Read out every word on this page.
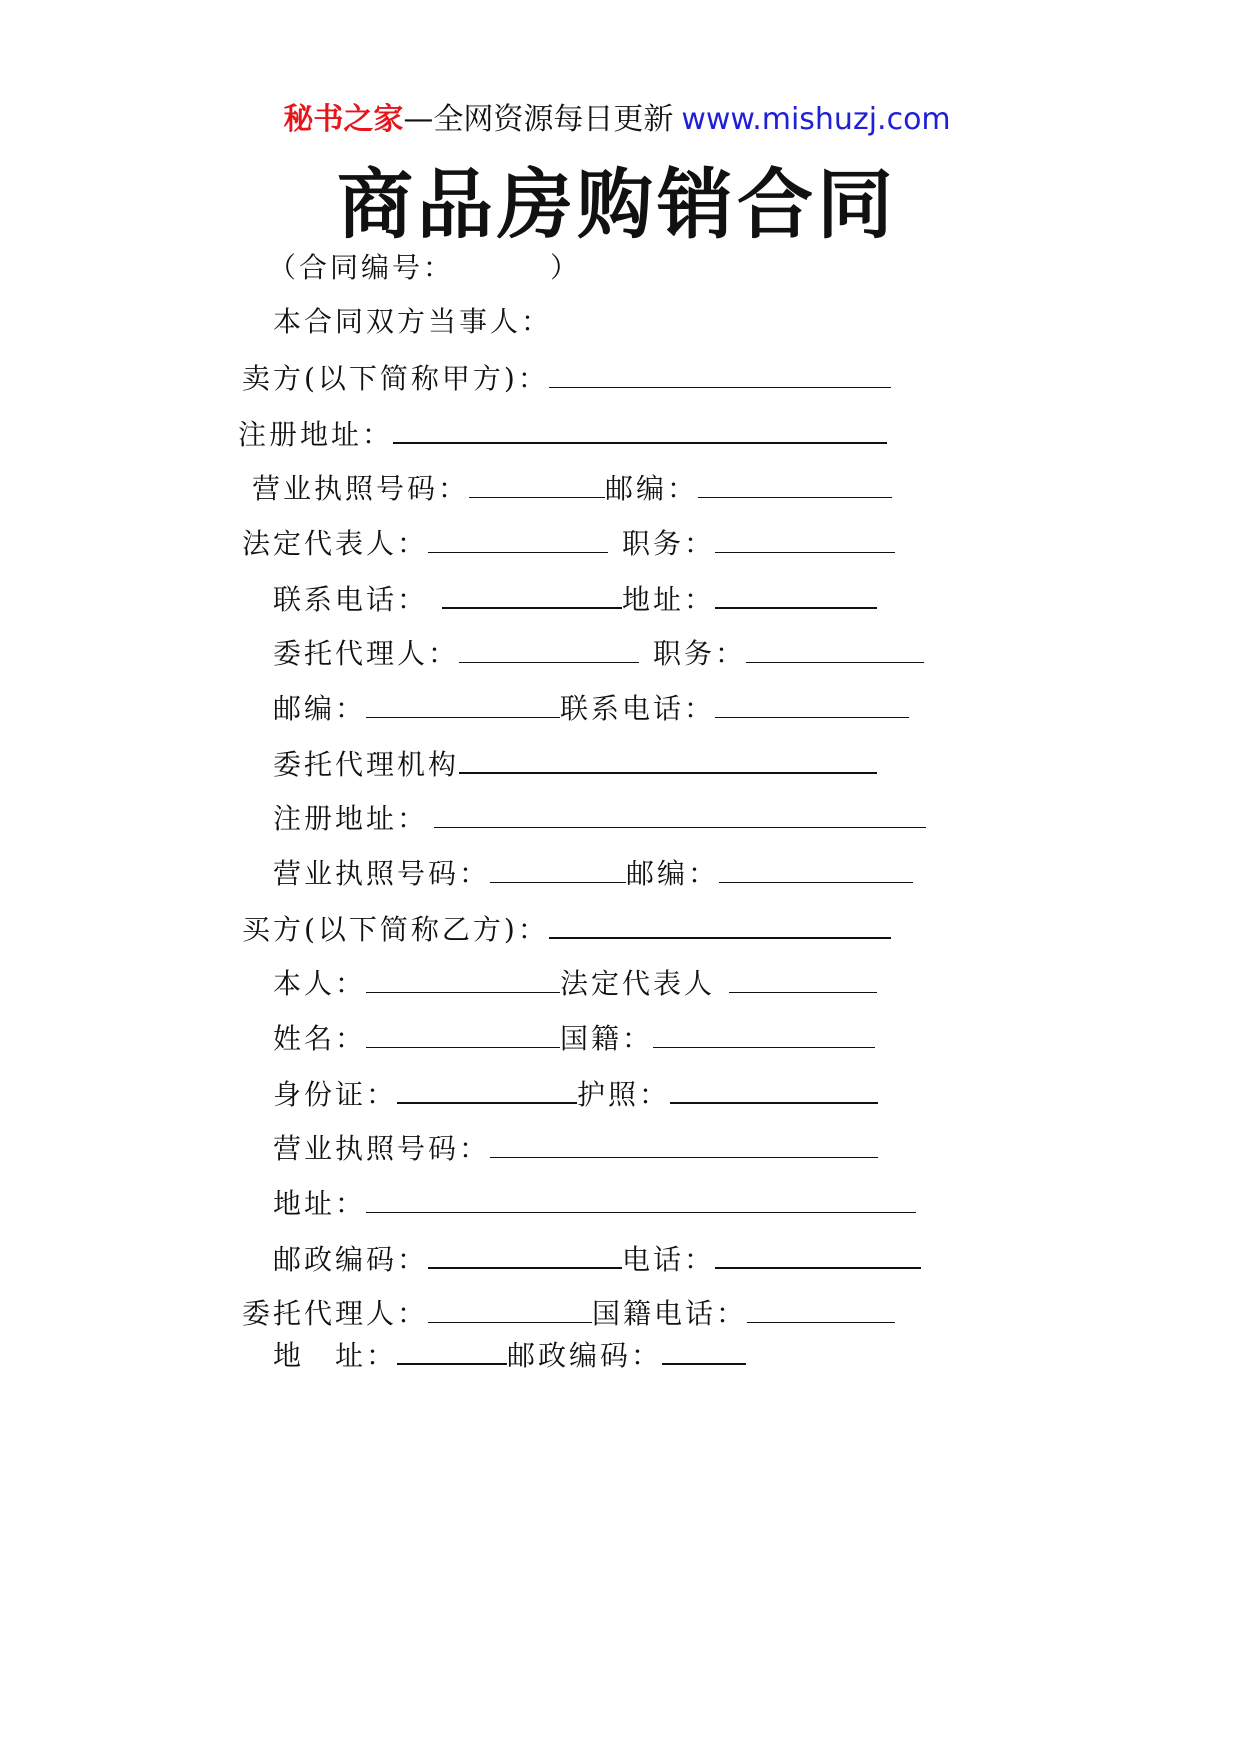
秘书之家—全网资源每日更新 www.mishuzj.com
商品房购销合同
（合同编号：	）
本合同双方当事人：
卖方(以下简称甲方)：
注册地址：
营业执照号码：	邮编：
法定代表人：	职务：
联系电话：	地址：
委托代理人：	职务：
邮编：	联系电话：
委托代理机构
注册地址：
营业执照号码：	邮编：
买方(以下简称乙方)：
本人：	法定代表人
姓名：	国籍：
身份证：	护照：
营业执照号码：
地址：
邮政编码：	电话：
委托代理人：	国籍电话：
地　址：	邮政编码：
